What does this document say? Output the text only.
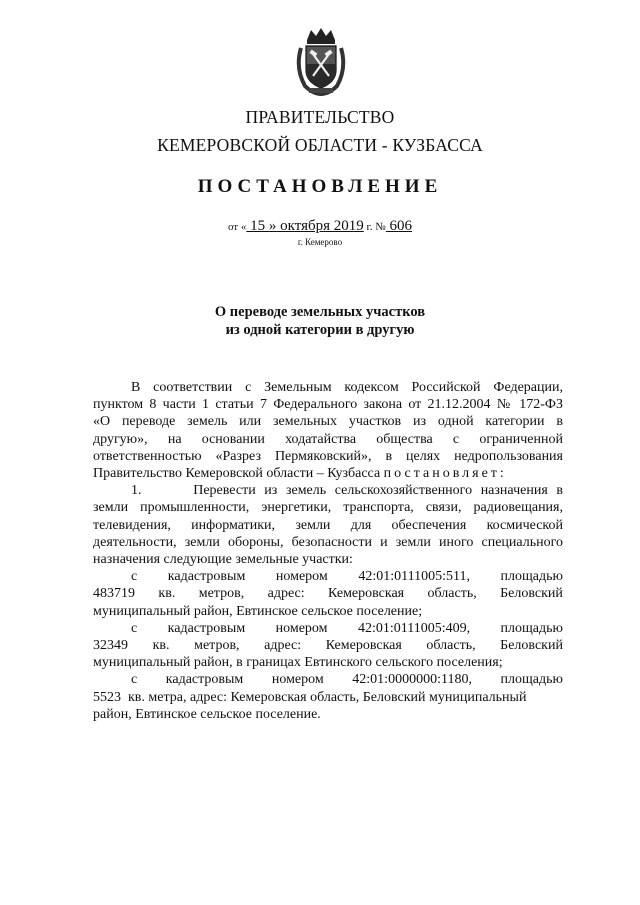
ПРАВИТЕЛЬСТВО
КЕМЕРОВСКОЙ ОБЛАСТИ - КУЗБАССА
ПОСТАНОВЛЕНИЕ
от « 15 » октября 2019 г. № 606
г. Кемерово
О переводе земельных участков
из одной категории в другую

В соответствии с Земельным кодексом Российской Федерации,
пунктом 8 части 1 статьи 7 Федерального закона от 21.12.2004 № 172-ФЗ
«О переводе земель или земельных участков из одной категории в
другую»,   на   основании   ходатайства   общества   с   ограниченной
ответственностью «Разрез Пермяковский», в целях недропользования
Правительство Кемеровской области – Кузбасса постановляет:

1.      Перевести из земель сельскохозяйственного назначения в
земли промышленности, энергетики, транспорта, связи, радиовещания,
телевидения, информатики, земли для обеспечения космической
деятельности, земли обороны, безопасности и земли иного специального
назначения следующие земельные участки:

с кадастровым номером 42:01:0111005:511, площадью
483719 кв. метров, адрес: Кемеровская область, Беловский
муниципальный район, Евтинское сельское поселение;

с кадастровым номером 42:01:0111005:409, площадью
32349 кв. метров, адрес: Кемеровская область, Беловский
муниципальный район, в границах Евтинского сельского поселения;

с кадастровым номером 42:01:0000000:1180, площадью
5523  кв. метра, адрес: Кемеровская область, Беловский муниципальный
район, Евтинское сельское поселение.
